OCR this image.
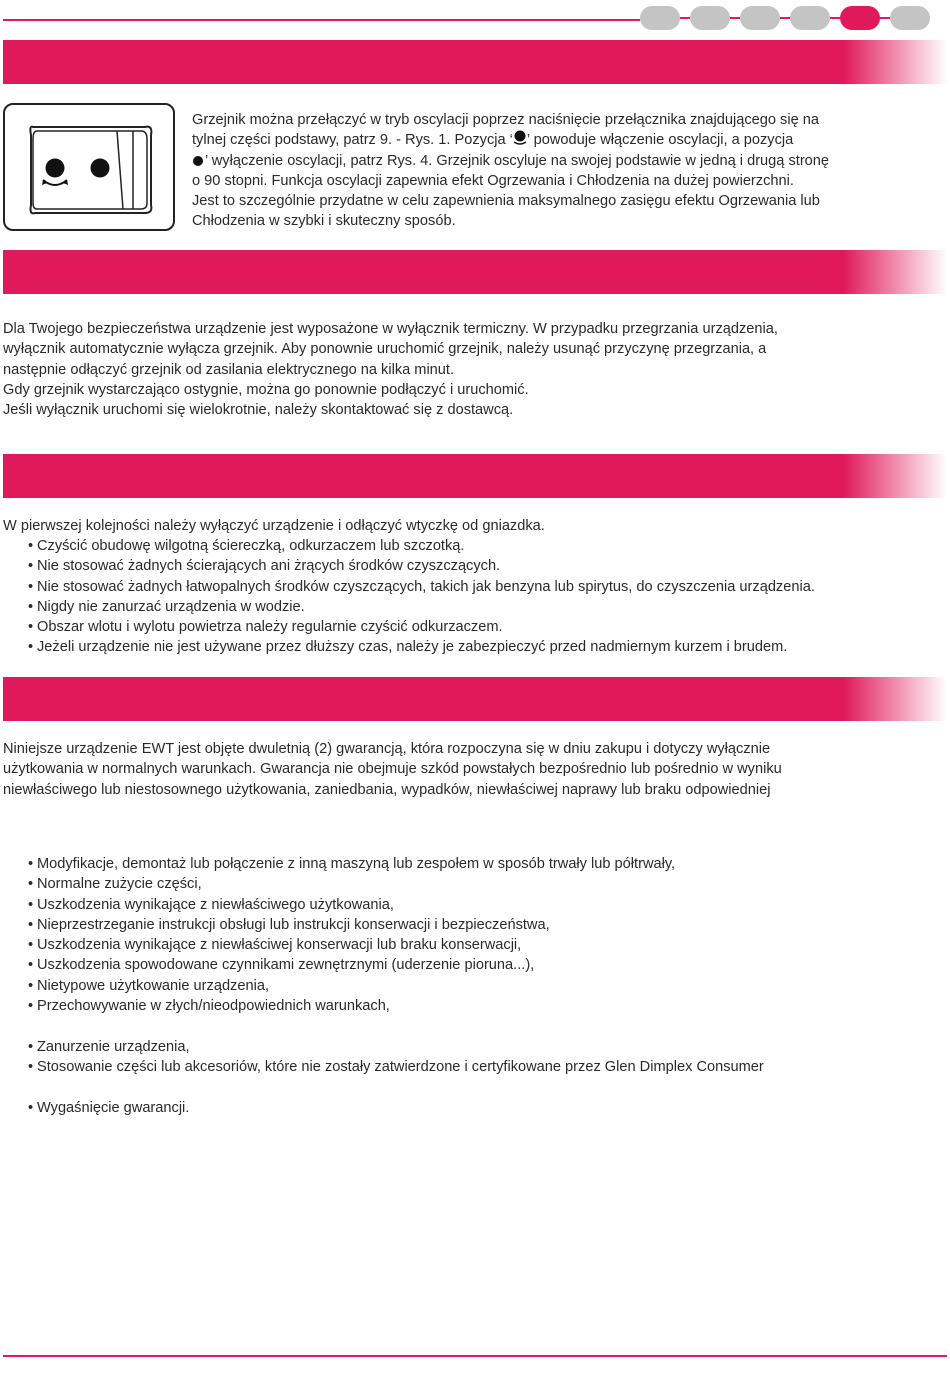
Grzejnik można przełączyć w tryb oscylacji poprzez naciśnięcie przełącznika znajdującego się na

tylnej części podstawy, patrz 9. - Rys. 1. Pozycja ‘ ’ powoduje włączenie oscylacji, a pozycja

’ wyłączenie oscylacji, patrz Rys. 4. Grzejnik oscyluje na swojej podstawie w jedną i drugą stronę

o 90 stopni. Funkcja oscylacji zapewnia efekt Ogrzewania i Chłodzenia na dużej powierzchni.

Jest to szczególnie przydatne w celu zapewnienia maksymalnego zasięgu efektu Ogrzewania lub

Chłodzenia w szybki i skuteczny sposób.

Dla Twojego bezpieczeństwa urządzenie jest wyposażone w wyłącznik termiczny. W przypadku przegrzania urządzenia,

wyłącznik automatycznie wyłącza grzejnik. Aby ponownie uruchomić grzejnik, należy usunąć przyczynę przegrzania, a

następnie odłączyć grzejnik od zasilania elektrycznego na kilka minut.

Gdy grzejnik wystarczająco ostygnie, można go ponownie podłączyć i uruchomić.

Jeśli wyłącznik uruchomi się wielokrotnie, należy skontaktować się z dostawcą.

W pierwszej kolejności należy wyłączyć urządzenie i odłączyć wtyczkę od gniazdka.

• Czyścić obudowę wilgotną ściereczką, odkurzaczem lub szczotką.
• Nie stosować żadnych ścierających ani żrących środków czyszczących.
• Nie stosować żadnych łatwopalnych środków czyszczących, takich jak benzyna lub spirytus, do czyszczenia urządzenia.
• Nigdy nie zanurzać urządzenia w wodzie.
• Obszar wlotu i wylotu powietrza należy regularnie czyścić odkurzaczem.
• Jeżeli urządzenie nie jest używane przez dłuższy czas, należy je zabezpieczyć przed nadmiernym kurzem i brudem.

Niniejsze urządzenie EWT jest objęte dwuletnią (2) gwarancją, która rozpoczyna się w dniu zakupu i dotyczy wyłącznie

użytkowania w normalnych warunkach. Gwarancja nie obejmuje szkód powstałych bezpośrednio lub pośrednio w wyniku

niewłaściwego lub niestosownego użytkowania, zaniedbania, wypadków, niewłaściwej naprawy lub braku odpowiedniej

• Modyfikacje, demontaż lub połączenie z inną maszyną lub zespołem w sposób trwały lub półtrwały,
• Normalne zużycie części,
• Uszkodzenia wynikające z niewłaściwego użytkowania,
• Nieprzestrzeganie instrukcji obsługi lub instrukcji konserwacji i bezpieczeństwa,
• Uszkodzenia wynikające z niewłaściwej konserwacji lub braku konserwacji,
• Uszkodzenia spowodowane czynnikami zewnętrznymi (uderzenie pioruna...),
• Nietypowe użytkowanie urządzenia,
• Przechowywanie w złych/nieodpowiednich warunkach,
• Zanurzenie urządzenia,
• Stosowanie części lub akcesoriów, które nie zostały zatwierdzone i certyfikowane przez Glen Dimplex Consumer
• Wygaśnięcie gwarancji.
